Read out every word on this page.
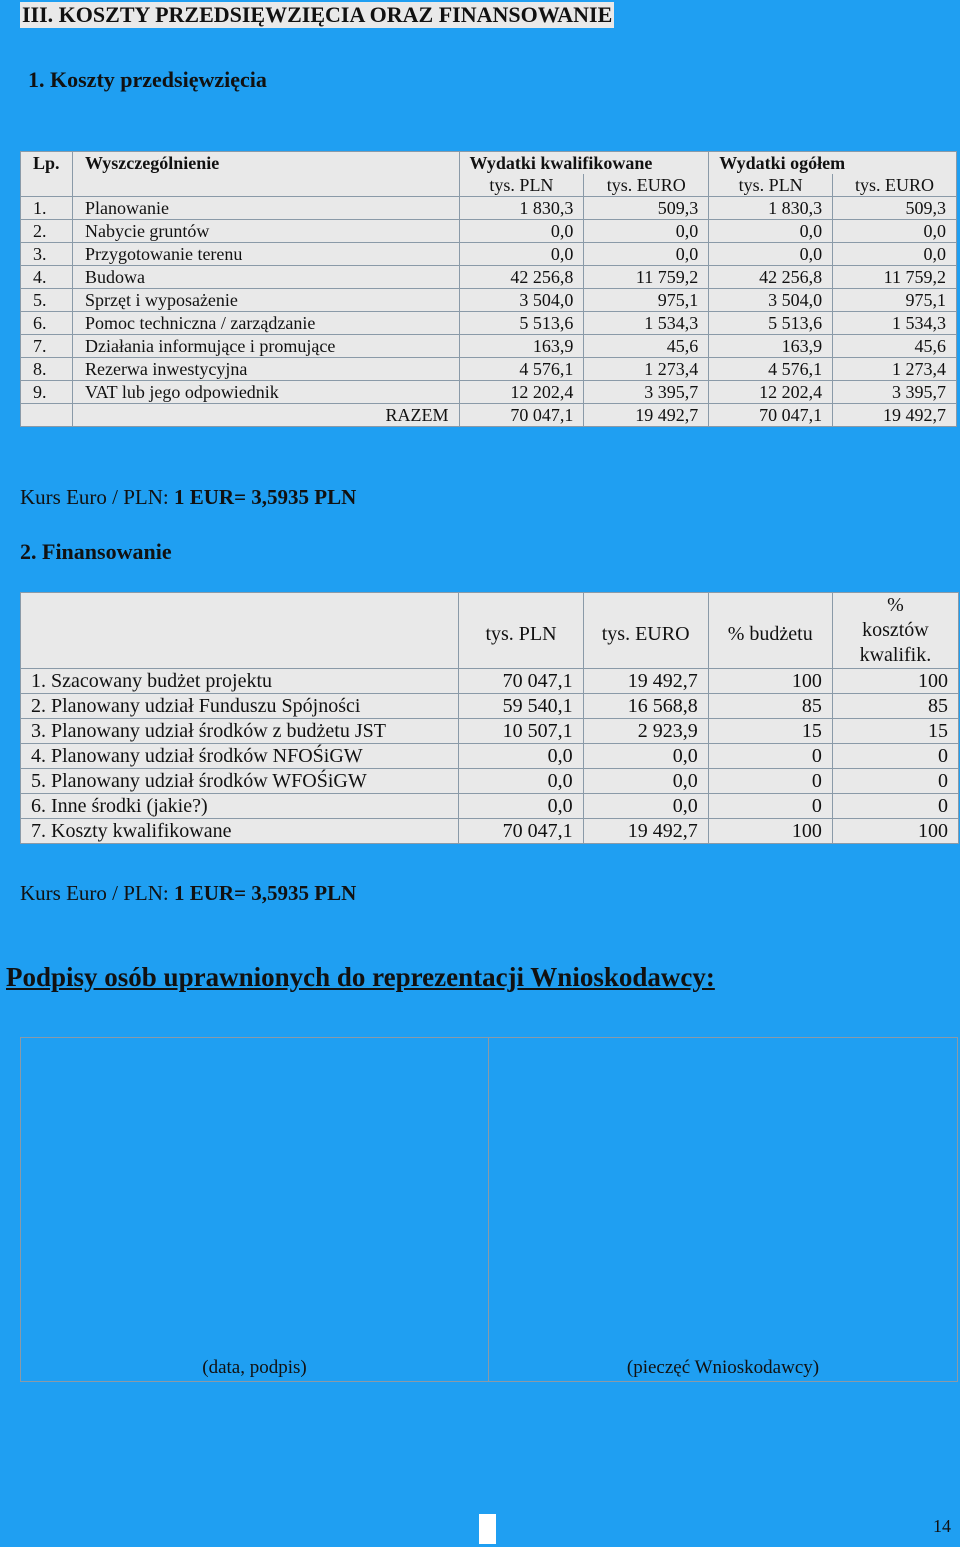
III. KOSZTY PRZEDSIĘWZIĘCIA ORAZ FINANSOWANIE
1. Koszty przedsięwzięcia
Lp.	Wyszczególnienie	Wydatki kwalifikowane		Wydatki ogółem	
		tys. PLN	tys. EURO	tys. PLN	tys. EURO
1.	Planowanie	1 830,3	509,3	1 830,3	509,3
2.	Nabycie gruntów	0,0	0,0	0,0	0,0
3.	Przygotowanie terenu	0,0	0,0	0,0	0,0
4.	Budowa	42 256,8	11 759,2	42 256,8	11 759,2
5.	Sprzęt i wyposażenie	3 504,0	975,1	3 504,0	975,1
6.	Pomoc techniczna / zarządzanie	5 513,6	1 534,3	5 513,6	1 534,3
7.	Działania informujące i promujące	163,9	45,6	163,9	45,6
8.	Rezerwa inwestycyjna	4 576,1	1 273,4	4 576,1	1 273,4
9.	VAT lub jego odpowiednik	12 202,4	3 395,7	12 202,4	3 395,7
	RAZEM	70 047,1	19 492,7	70 047,1	19 492,7
Kurs Euro / PLN: 1 EUR= 3,5935 PLN
2. Finansowanie
	tys. PLN	tys. EURO	% budżetu	%
kosztów
kwalifik.

1. Szacowany budżet projektu	70 047,1	19 492,7	100	100
2. Planowany udział Funduszu Spójności	59 540,1	16 568,8	85	85
3. Planowany udział środków z budżetu JST	10 507,1	2 923,9	15	15
4. Planowany udział środków NFOŚiGW	0,0	0,0	0	0
5. Planowany udział środków WFOŚiGW	0,0	0,0	0	0
6. Inne środki (jakie?)	0,0	0,0	0	0
7. Koszty kwalifikowane	70 047,1	19 492,7	100	100
Kurs Euro / PLN: 1 EUR= 3,5935 PLN
Podpisy osób uprawnionych do reprezentacji Wnioskodawcy:
(data, podpis)	(pieczęć Wnioskodawcy)
14
